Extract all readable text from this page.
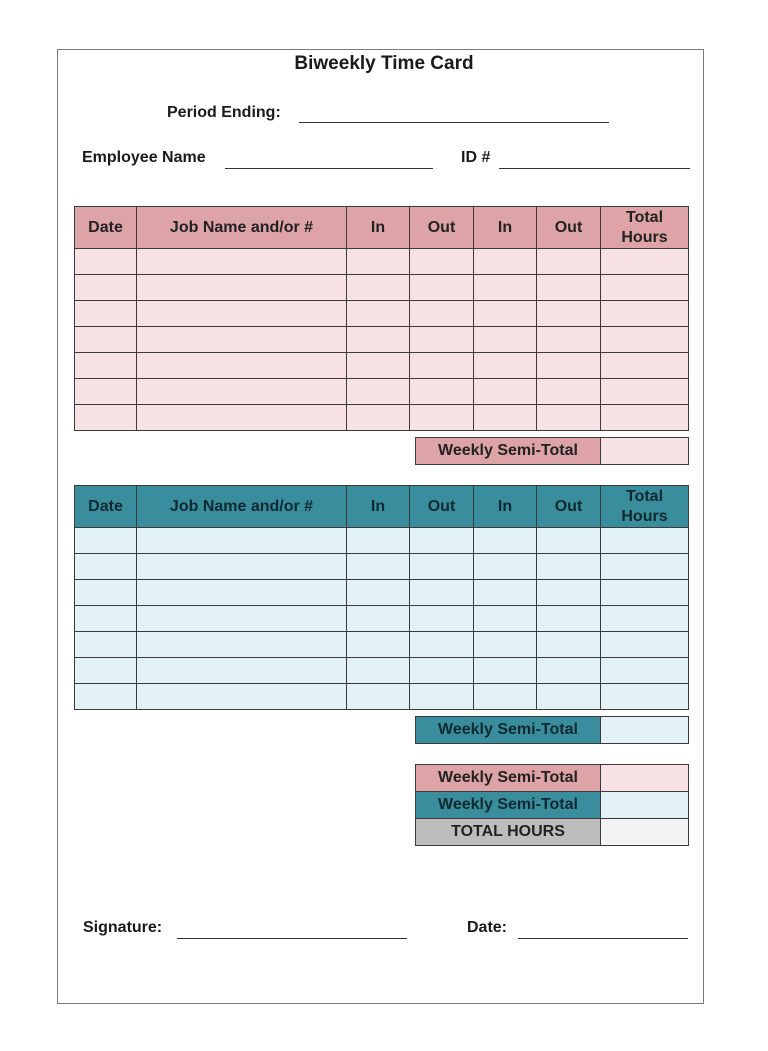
Biweekly Time Card
Period Ending:
Employee Name	ID #
Date	Job Name and/or #	In	Out	In	Out	Total Hours

Weekly Semi-Total	
Date	Job Name and/or #	In	Out	In	Out	Total Hours

Weekly Semi-Total	
Weekly Semi-Total	
Weekly Semi-Total	
TOTAL HOURS	
Signature:	Date:
